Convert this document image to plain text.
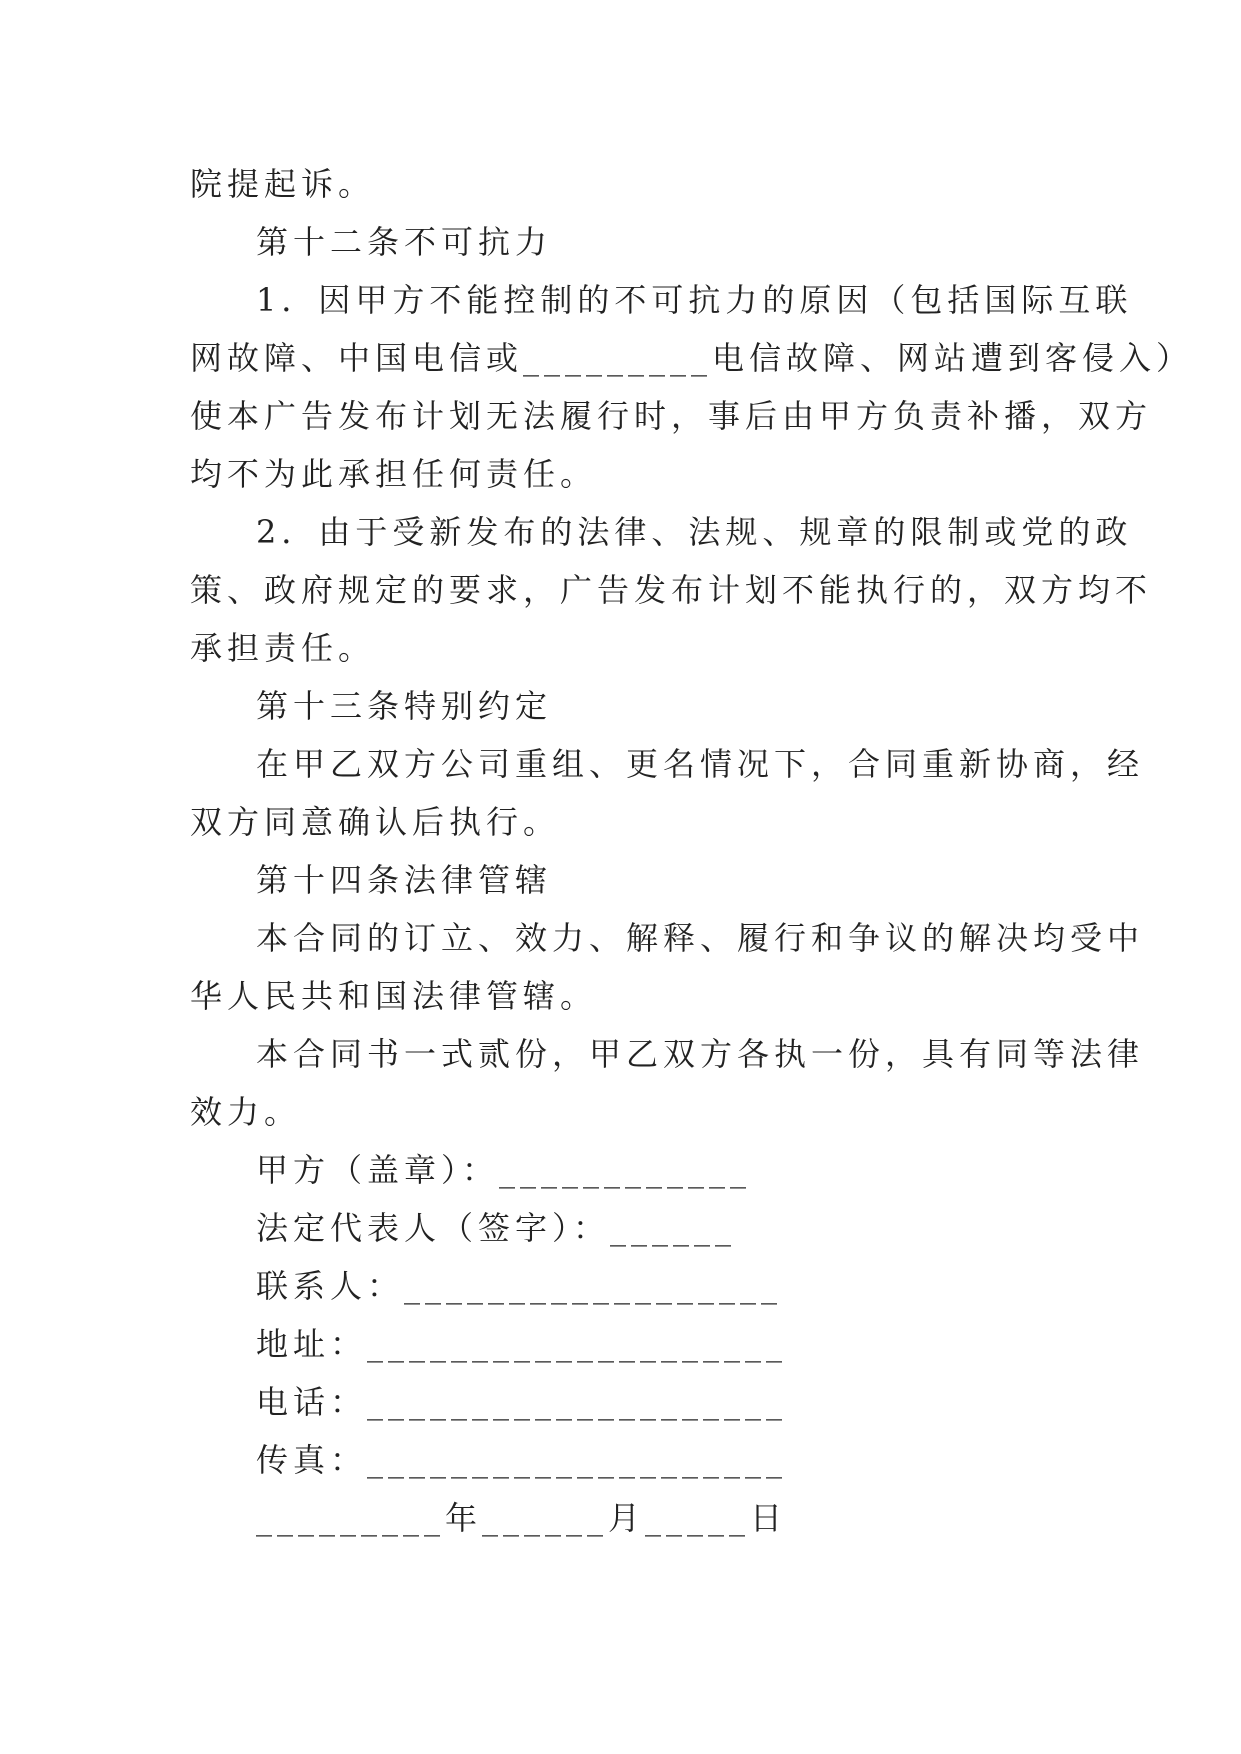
院提起诉。
第十二条不可抗力
1．因甲方不能控制的不可抗力的原因（包括国际互联
网故障、中国电信或_________电信故障、网站遭到客侵入）
使本广告发布计划无法履行时，事后由甲方负责补播，双方
均不为此承担任何责任。
2．由于受新发布的法律、法规、规章的限制或党的政
策、政府规定的要求，广告发布计划不能执行的，双方均不
承担责任。
第十三条特别约定
在甲乙双方公司重组、更名情况下，合同重新协商，经
双方同意确认后执行。
第十四条法律管辖
本合同的订立、效力、解释、履行和争议的解决均受中
华人民共和国法律管辖。
本合同书一式贰份，甲乙双方各执一份，具有同等法律
效力。
甲方（盖章）：____________
法定代表人（签字）：______
联系人：__________________
地址：____________________
电话：____________________
传真：____________________
_________年______月_____日
